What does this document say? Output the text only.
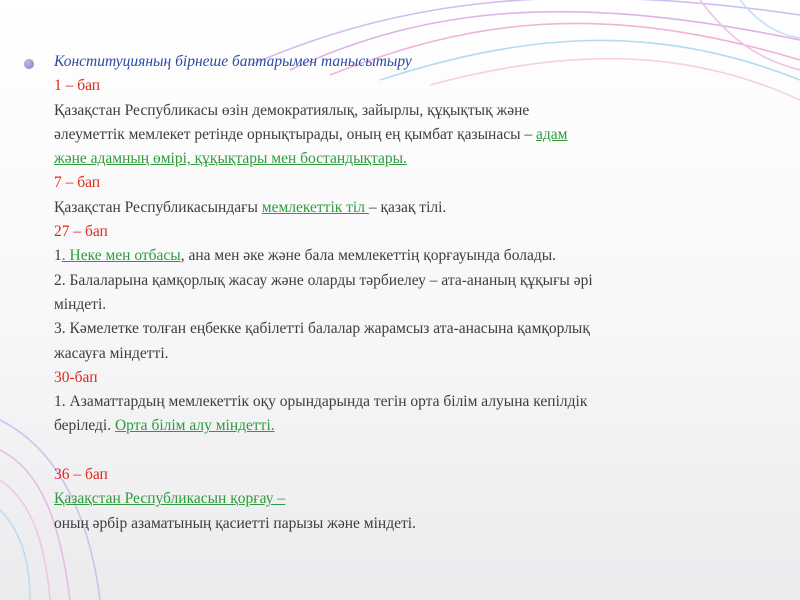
Конституцияның бірнеше баптарымен танысытыру
1 – бап
Қазақстан Республикасы өзін демократиялық, зайырлы, құқықтық және
әлеуметтік мемлекет ретінде орнықтырады, оның ең қымбат қазынасы – адам
және адамның өмірі, құқықтары мен бостандықтары.
7 – бап
Қазақстан Республикасындағы мемлекеттік тіл – қазақ тілі.
27 – бап
1. Неке мен отбасы, ана мен әке және бала мемлекеттің қорғауында болады.
2. Балаларына қамқорлық жасау және оларды тәрбиелеу – ата-ананың құқығы әрі
міндеті.
3. Кәмелетке толған еңбекке қабілетті балалар жарамсыз ата-анасына қамқорлық
жасауға міндетті.
30-бап
1. Азаматтардың мемлекеттік оқу орындарында тегін орта білім алуына кепілдік
беріледі. Орта білім алу міндетті.
36 – бап
Қазақстан Республикасын қорғау –
оның әрбір азаматының қасиетті парызы және міндеті.
